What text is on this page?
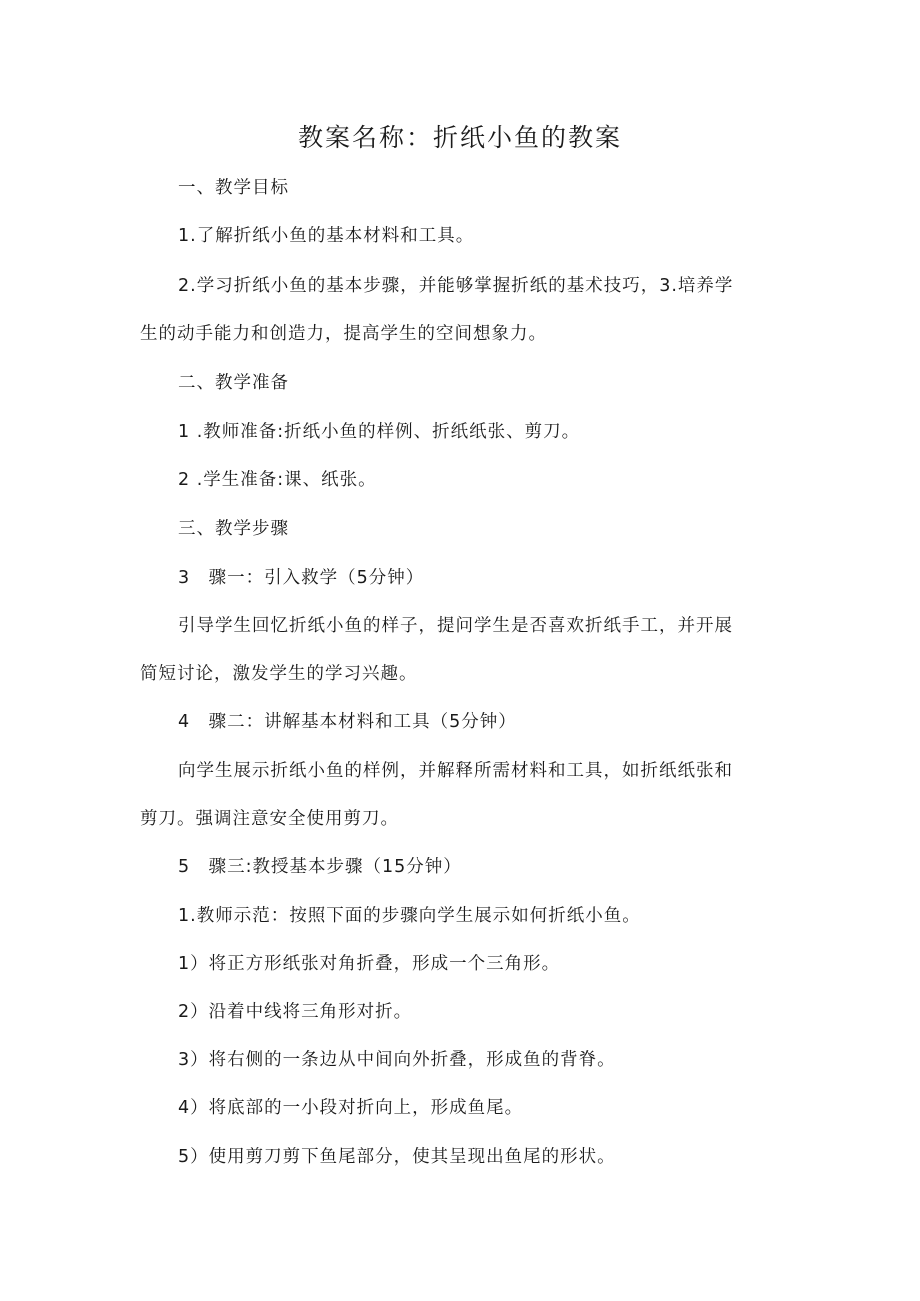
教案名称：折纸小鱼的教案
一、教学目标
1.了解折纸小鱼的基本材料和工具。
2.学习折纸小鱼的基本步骤，并能够掌握折纸的基术技巧，3.培养学
生的动手能力和创造力，提高学生的空间想象力。
二、教学准备
1 .教师准备:折纸小鱼的样例、折纸纸张、剪刀。
2 .学生准备:课、纸张。
三、教学步骤
3　骤一：引入救学（5分钟）
引导学生回忆折纸小鱼的样子，提问学生是否喜欢折纸手工，并开展
简短讨论，激发学生的学习兴趣。
4　骤二：讲解基本材料和工具（5分钟）
向学生展示折纸小鱼的样例，并解释所需材料和工具，如折纸纸张和
剪刀。强调注意安全使用剪刀。
5　骤三:教授基本步骤（15分钟）
1.教师示范：按照下面的步骤向学生展示如何折纸小鱼。
1）将正方形纸张对角折叠，形成一个三角形。
2）沿着中线将三角形对折。
3）将右侧的一条边从中间向外折叠，形成鱼的背脊。
4）将底部的一小段对折向上，形成鱼尾。
5）使用剪刀剪下鱼尾部分，使其呈现出鱼尾的形状。
